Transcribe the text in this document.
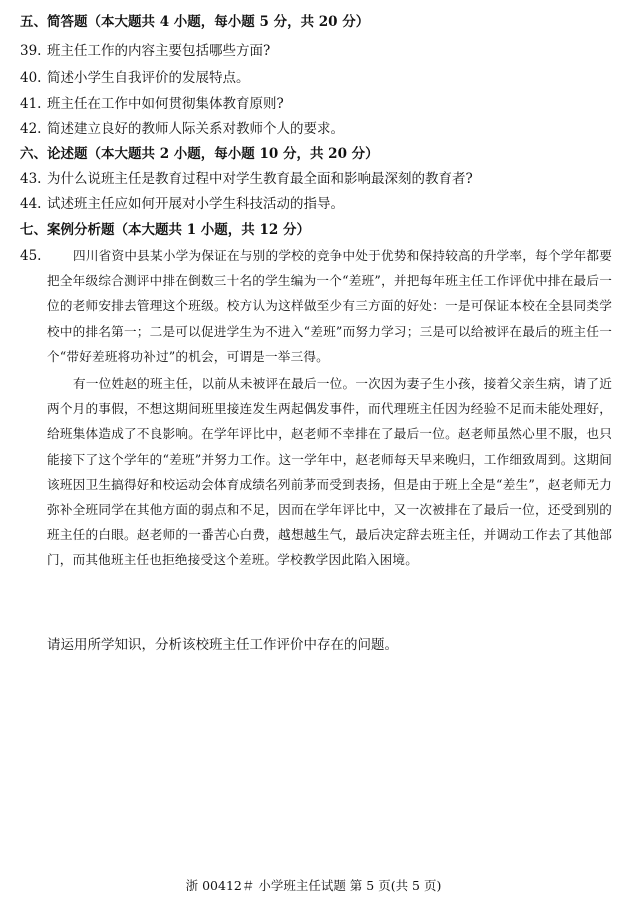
五、简答题（本大题共 4 小题，每小题 5 分，共 20 分）
39. 班主任工作的内容主要包括哪些方面?
40. 简述小学生自我评价的发展特点。
41. 班主任在工作中如何贯彻集体教育原则?
42. 简述建立良好的教师人际关系对教师个人的要求。
六、论述题（本大题共 2 小题，每小题 10 分，共 20 分）
43. 为什么说班主任是教育过程中对学生教育最全面和影响最深刻的教育者?
44. 试述班主任应如何开展对小学生科技活动的指导。
七、案例分析题（本大题共 1 小题，共 12 分）
45.	四川省资中县某小学为保证在与别的学校的竞争中处于优势和保持较高的升学率，每个学年都要把全年级综合测评中排在倒数三十名的学生编为一个“差班”，并把每年班主任工作评优中排在最后一位的老师安排去管理这个班级。校方认为这样做至少有三方面的好处：一是可保证本校在全县同类学校中的排名第一；二是可以促进学生为不进入“差班”而努力学习；三是可以给被评在最后的班主任一个“带好差班将功补过”的机会，可谓是一举三得。

有一位姓赵的班主任，以前从未被评在最后一位。一次因为妻子生小孩，接着父亲生病，请了近两个月的事假，不想这期间班里接连发生两起偶发事件，而代理班主任因为经验不足而未能处理好，给班集体造成了不良影响。在学年评比中，赵老师不幸排在了最后一位。赵老师虽然心里不服，也只能接下了这个学年的“差班”并努力工作。这一学年中，赵老师每天早来晚归，工作细致周到。这期间该班因卫生搞得好和校运动会体育成绩名列前茅而受到表扬，但是由于班上全是“差生”，赵老师无力弥补全班同学在其他方面的弱点和不足，因而在学年评比中，又一次被排在了最后一位，还受到别的班主任的白眼。赵老师的一番苦心白费，越想越生气，最后决定辞去班主任，并调动工作去了其他部门，而其他班主任也拒绝接受这个差班。学校教学因此陷入困境。

请运用所学知识，分析该校班主任工作评价中存在的问题。
浙 00412＃ 小学班主任试题 第 5 页(共 5 页)
